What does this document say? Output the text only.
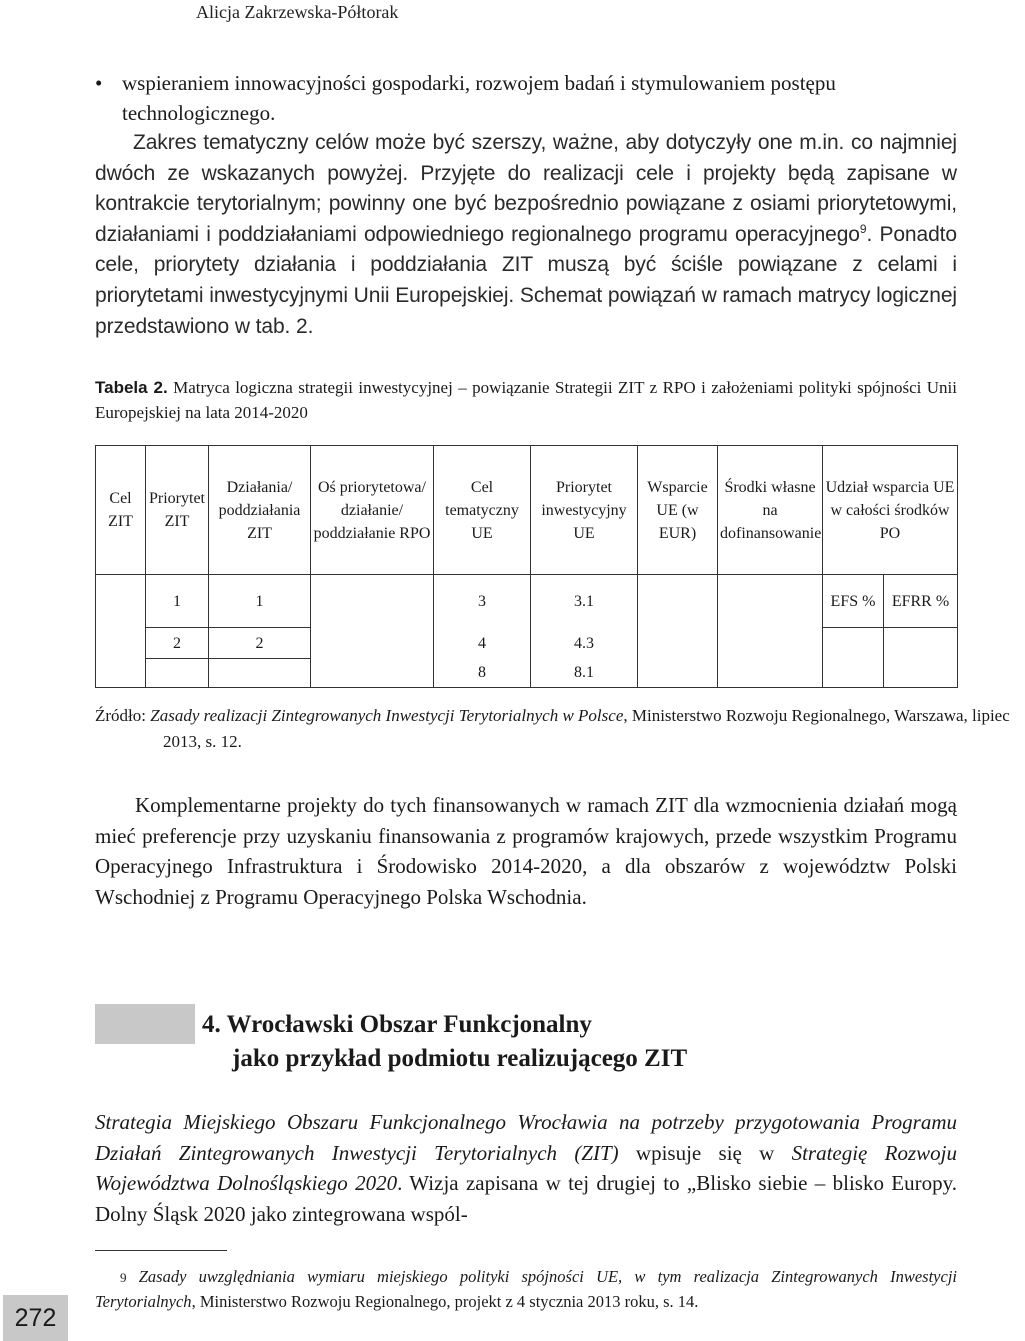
Alicja Zakrzewska-Półtorak
• wspieraniem innowacyjności gospodarki, rozwojem badań i stymulowaniem postępu technologicznego.
Zakres tematyczny celów może być szerszy, ważne, aby dotyczyły one m.in. co najmniej dwóch ze wskazanych powyżej. Przyjęte do realizacji cele i projekty będą zapisane w kontrakcie terytorialnym; powinny one być bezpośrednio powiązane z osiami priorytetowymi, działaniami i poddziałaniami odpowiedniego regionalnego programu operacyjnego$^9$. Ponadto cele, priorytety działania i poddziałania ZIT muszą być ściśle powiązane z celami i priorytetami inwestycyjnymi Unii Europejskiej. Schemat powiązań w ramach matrycy logicznej przedstawiono w tab. 2.
Tabela 2. Matryca logiczna strategii inwestycyjnej – powiązanie Strategii ZIT z RPO i założeniami polityki spójności Unii Europejskiej na lata 2014-2020
Cel ZIT	Priorytet ZIT	Działania/ poddziałania ZIT	Oś priorytetowa/ działanie/ poddziałanie RPO	Cel tematyczny UE	Priorytet inwestycyjny UE	Wsparcie UE (w EUR)	Środki własne na dofinansowanie	Udział wsparcia UE w całości środków PO	
	1	1		3	3.1			EFS %	EFRR %
	2	2		4	4.3				
				8	8.1				
Źródło: Zasady realizacji Zintegrowanych Inwestycji Terytorialnych w Polsce, Ministerstwo Rozwoju Regionalnego, Warszawa, lipiec 2013, s. 12.
Komplementarne projekty do tych finansowanych w ramach ZIT dla wzmocnienia działań mogą mieć preferencje przy uzyskaniu finansowania z programów krajowych, przede wszystkim Programu Operacyjnego Infrastruktura i Środowisko 2014-2020, a dla obszarów z województw Polski Wschodniej z Programu Operacyjnego Polska Wschodnia.
4. Wrocławski Obszar Funkcjonalny
jako przykład podmiotu realizującego ZIT
Strategia Miejskiego Obszaru Funkcjonalnego Wrocławia na potrzeby przygotowania Programu Działań Zintegrowanych Inwestycji Terytorialnych (ZIT) wpisuje się w Strategię Rozwoju Województwa Dolnośląskiego 2020. Wizja zapisana w tej drugiej to „Blisko siebie – blisko Europy. Dolny Śląsk 2020 jako zintegrowana wspól-
9 Zasady uwzględniania wymiaru miejskiego polityki spójności UE, w tym realizacja Zintegrowanych Inwestycji Terytorialnych, Ministerstwo Rozwoju Regionalnego, projekt z 4 stycznia 2013 roku, s. 14.
272
